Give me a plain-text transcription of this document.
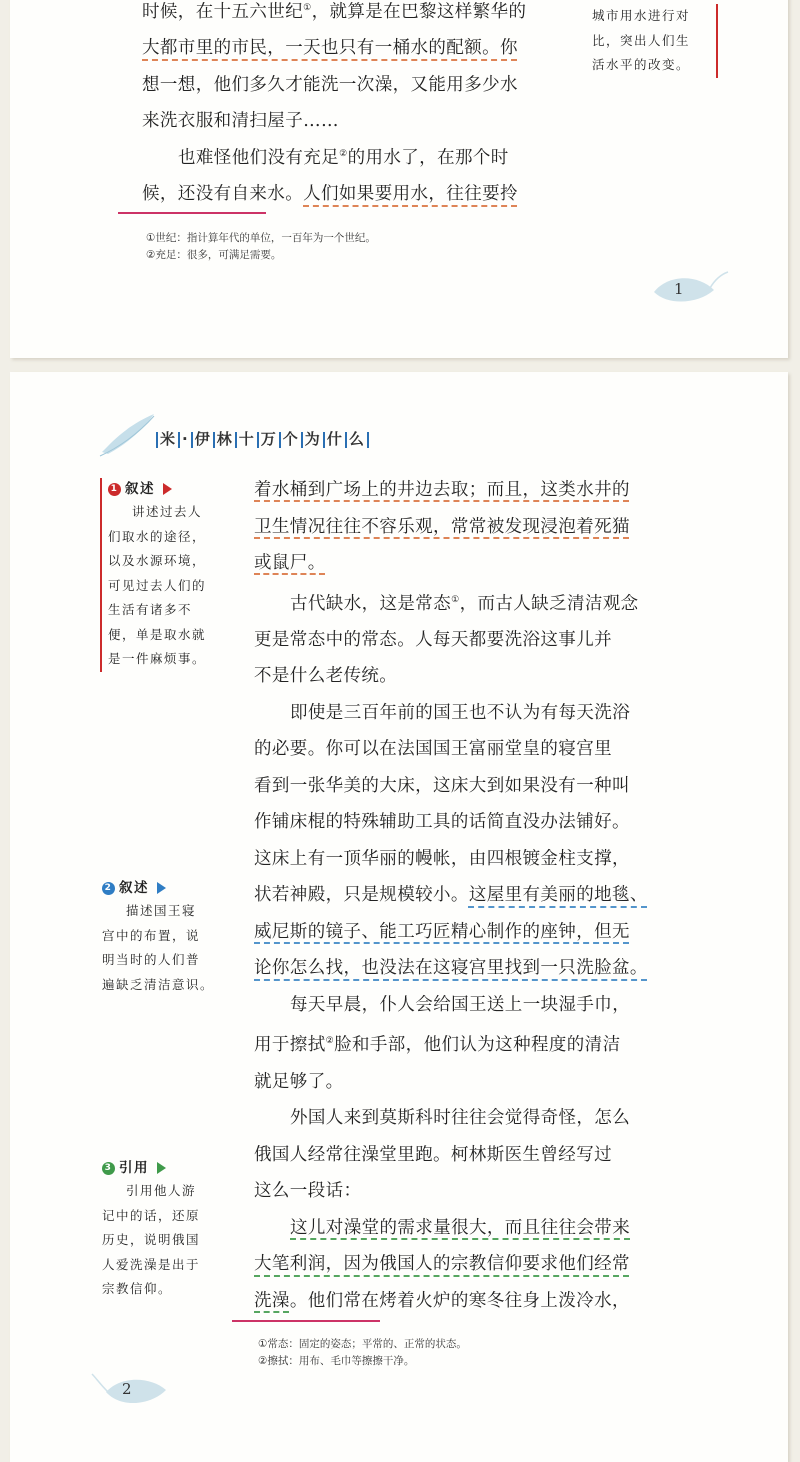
时候，在十五六世纪①，就算是在巴黎这样繁华的
大都市里的市民，一天也只有一桶水的配额。你
想一想，他们多久才能洗一次澡，又能用多少水
来洗衣服和清扫屋子……
也难怪他们没有充足②的用水了，在那个时
候，还没有自来水。人们如果要用水，往往要拎
城市用水进行对
比，突出人们生
活水平的改变。
①世纪：指计算年代的单位，一百年为一个世纪。
②充足：很多，可满足需要。
1
米 · 伊 林 十 万 个 为 什 么
着水桶到广场上的井边去取；而且，这类水井的
卫生情况往往不容乐观，常常被发现浸泡着死猫
或鼠尸。
古代缺水，这是常态①，而古人缺乏清洁观念
更是常态中的常态。人每天都要洗浴这事儿并
不是什么老传统。
即使是三百年前的国王也不认为有每天洗浴
的必要。你可以在法国国王富丽堂皇的寝宫里
看到一张华美的大床，这床大到如果没有一种叫
作铺床棍的特殊辅助工具的话简直没办法铺好。
这床上有一顶华丽的幔帐，由四根镀金柱支撑，
状若神殿，只是规模较小。这屋里有美丽的地毯、
威尼斯的镜子、能工巧匠精心制作的座钟，但无
论你怎么找，也没法在这寝宫里找到一只洗脸盆。
每天早晨，仆人会给国王送上一块湿手巾，
用于擦拭②脸和手部，他们认为这种程度的清洁
就足够了。
外国人来到莫斯科时往往会觉得奇怪，怎么
俄国人经常往澡堂里跑。柯林斯医生曾经写过
这么一段话：
这儿对澡堂的需求量很大，而且往往会带来
大笔利润，因为俄国人的宗教信仰要求他们经常
洗澡。他们常在烤着火炉的寒冬往身上泼冷水，
1 叙述
讲述过去人
们取水的途径，
以及水源环境，
可见过去人们的
生活有诸多不
便，单是取水就
是一件麻烦事。
2 叙述
描述国王寝
宫中的布置，说
明当时的人们普
遍缺乏清洁意识。
3 引用
引用他人游
记中的话，还原
历史，说明俄国
人爱洗澡是出于
宗教信仰。
①常态：固定的姿态；平常的、正常的状态。
②擦拭：用布、毛巾等擦擦干净。
2
